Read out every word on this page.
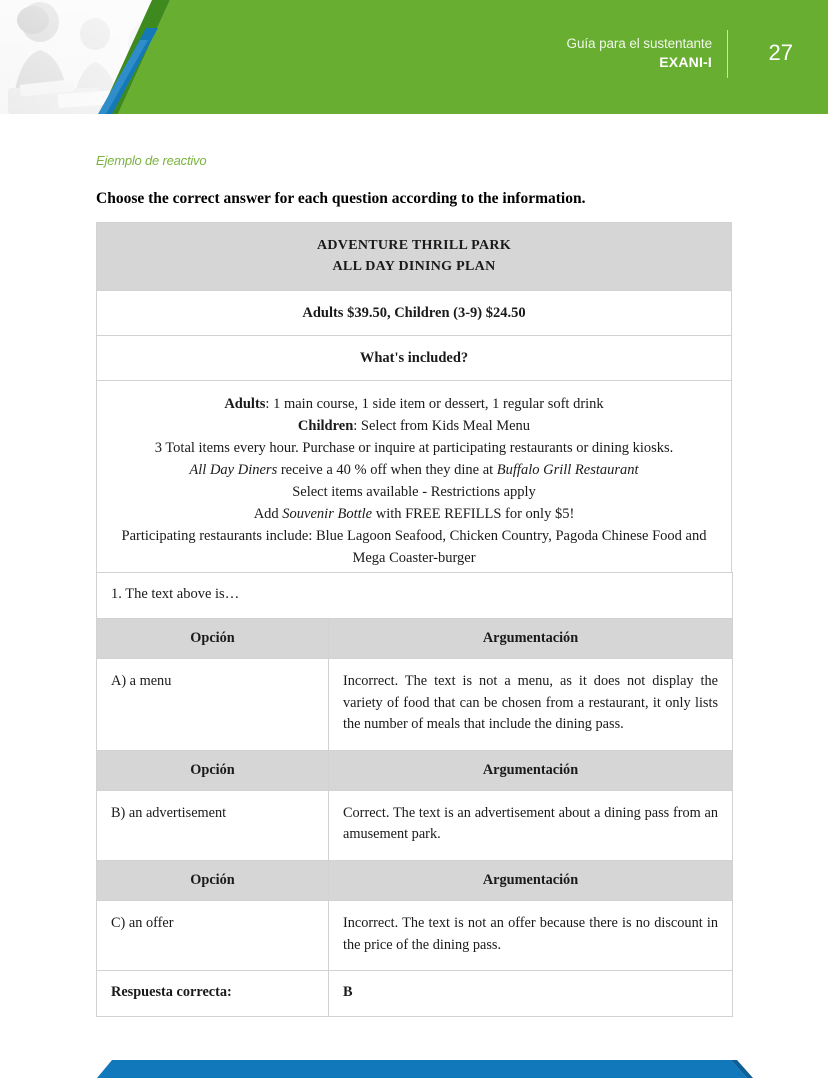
Guía para el sustentante
EXANI-I	27
Ejemplo de reactivo
Choose the correct answer for each question according to the information.
ADVENTURE THRILL PARK
ALL DAY DINING PLAN
Adults $39.50, Children (3-9) $24.50
What's included?

Adults: 1 main course, 1 side item or dessert, 1 regular soft drink
Children: Select from Kids Meal Menu
3 Total items every hour. Purchase or inquire at participating restaurants or dining kiosks.
All Day Diners receive a 40 % off when they dine at Buffalo Grill Restaurant
Select items available - Restrictions apply
Add Souvenir Bottle with FREE REFILLS for only $5!
Participating restaurants include: Blue Lagoon Seafood, Chicken Country, Pagoda Chinese Food and Mega Coaster-burger
1. The text above is…	
Opción	Argumentación
A) a menu	Incorrect. The text is not a menu, as it does not display the variety of food that can be chosen from a restaurant, it only lists the number of meals that include the dining pass.
Opción	Argumentación
B) an advertisement	Correct. The text is an advertisement about a dining pass from an amusement park.
Opción	Argumentación
C) an offer	Incorrect. The text is not an offer because there is no discount in the price of the dining pass.
Respuesta correcta:	B
